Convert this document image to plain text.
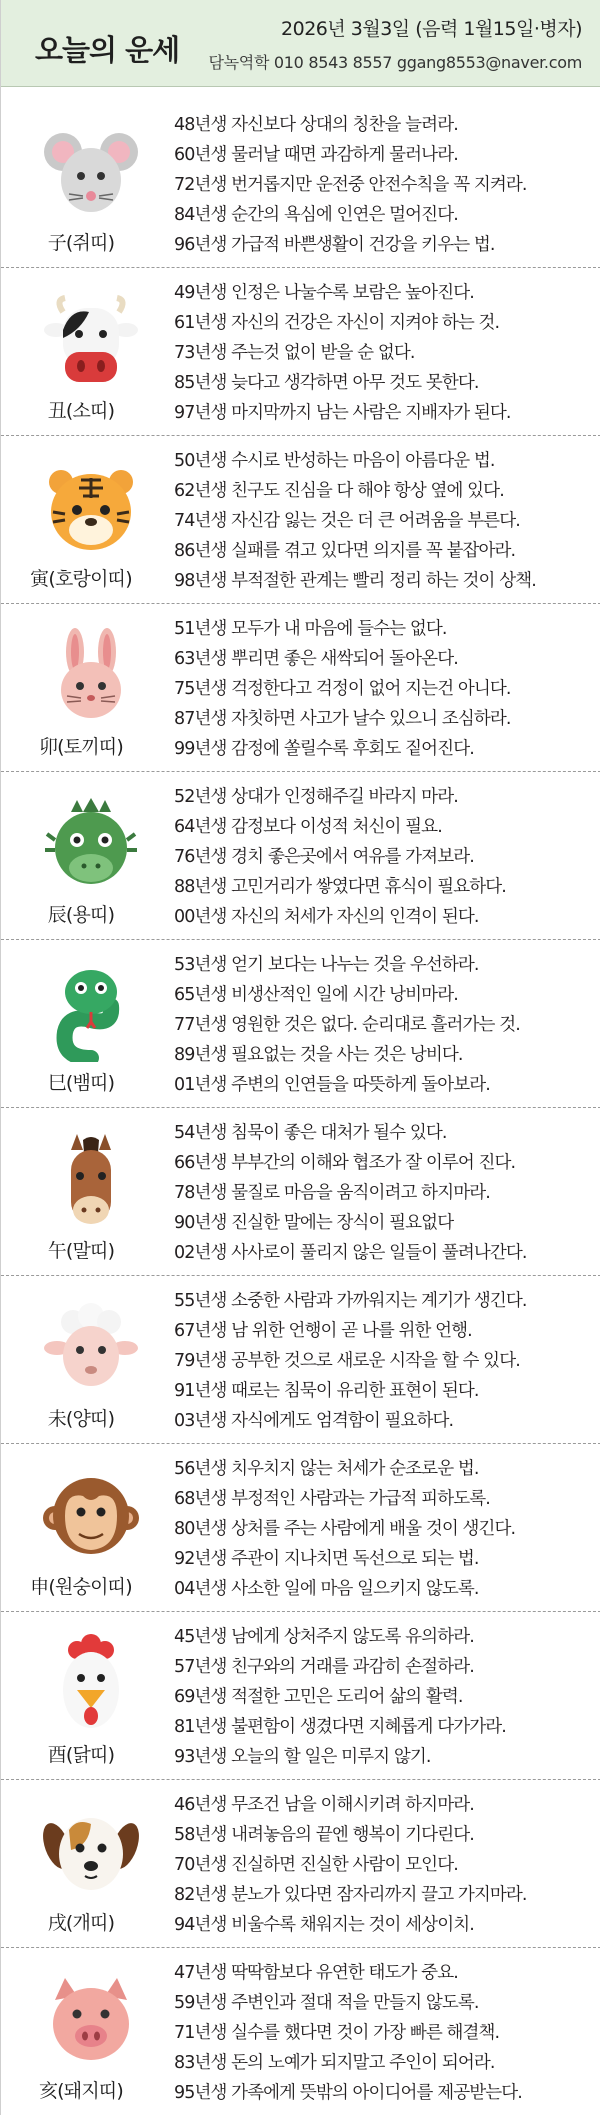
오늘의 운세
2026년 3월3일 (음력 1월15일·병자)
담녹역학 010 8543 8557 ggang8553@naver.com
子(쥐띠)
48년생 자신보다 상대의 칭찬을 늘려라.
60년생 물러날 때면 과감하게 물러나라.
72년생 번거롭지만 운전중 안전수칙을 꼭 지켜라.
84년생 순간의 욕심에 인연은 멀어진다.
96년생 가급적 바쁜생활이 건강을 키우는 법.
丑(소띠)
49년생 인정은 나눌수록 보람은 높아진다.
61년생 자신의 건강은 자신이 지켜야 하는 것.
73년생 주는것 없이 받을 순 없다.
85년생 늦다고 생각하면 아무 것도 못한다.
97년생 마지막까지 남는 사람은 지배자가 된다.
寅(호랑이띠)
50년생 수시로 반성하는 마음이 아름다운 법.
62년생 친구도 진심을 다 해야 항상 옆에 있다.
74년생 자신감 잃는 것은 더 큰 어려움을 부른다.
86년생 실패를 겪고 있다면 의지를 꼭 붙잡아라.
98년생 부적절한 관계는 빨리 정리 하는 것이 상책.
卯(토끼띠)
51년생 모두가 내 마음에 들수는 없다.
63년생 뿌리면 좋은 새싹되어 돌아온다.
75년생 걱정한다고 걱정이 없어 지는건 아니다.
87년생 자칫하면 사고가 날수 있으니 조심하라.
99년생 감정에 쏠릴수록 후회도 짙어진다.
辰(용띠)
52년생 상대가 인정해주길 바라지 마라.
64년생 감정보다 이성적 처신이 필요.
76년생 경치 좋은곳에서 여유를 가져보라.
88년생 고민거리가 쌓였다면 휴식이 필요하다.
00년생 자신의 처세가 자신의 인격이 된다.
巳(뱀띠)
53년생 얻기 보다는 나누는 것을 우선하라.
65년생 비생산적인 일에 시간 낭비마라.
77년생 영원한 것은 없다. 순리대로 흘러가는 것.
89년생 필요없는 것을 사는 것은 낭비다.
01년생 주변의 인연들을 따뜻하게 돌아보라.
午(말띠)
54년생 침묵이 좋은 대처가 될수 있다.
66년생 부부간의 이해와 협조가 잘 이루어 진다.
78년생 물질로 마음을 움직이려고 하지마라.
90년생 진실한 말에는 장식이 필요없다
02년생 사사로이 풀리지 않은 일들이 풀려나간다.
未(양띠)
55년생 소중한 사람과 가까워지는 계기가 생긴다.
67년생 남 위한 언행이 곧 나를 위한 언행.
79년생 공부한 것으로 새로운 시작을 할 수 있다.
91년생 때로는 침묵이 유리한 표현이 된다.
03년생 자식에게도 엄격함이 필요하다.
申(원숭이띠)
56년생 치우치지 않는 처세가 순조로운 법.
68년생 부정적인 사람과는 가급적 피하도록.
80년생 상처를 주는 사람에게 배울 것이 생긴다.
92년생 주관이 지나치면 독선으로 되는 법.
04년생 사소한 일에 마음 일으키지 않도록.
酉(닭띠)
45년생 남에게 상처주지 않도록 유의하라.
57년생 친구와의 거래를 과감히 손절하라.
69년생 적절한 고민은 도리어 삶의 활력.
81년생 불편함이 생겼다면 지혜롭게 다가가라.
93년생 오늘의 할 일은 미루지 않기.
戌(개띠)
46년생 무조건 남을 이해시키려 하지마라.
58년생 내려놓음의 끝엔 행복이 기다린다.
70년생 진실하면 진실한 사람이 모인다.
82년생 분노가 있다면 잠자리까지 끌고 가지마라.
94년생 비울수록 채워지는 것이 세상이치.
亥(돼지띠)
47년생 딱딱함보다 유연한 태도가 중요.
59년생 주변인과 절대 적을 만들지 않도록.
71년생 실수를 했다면 것이 가장 빠른 해결책.
83년생 돈의 노예가 되지말고 주인이 되어라.
95년생 가족에게 뜻밖의 아이디어를 제공받는다.
